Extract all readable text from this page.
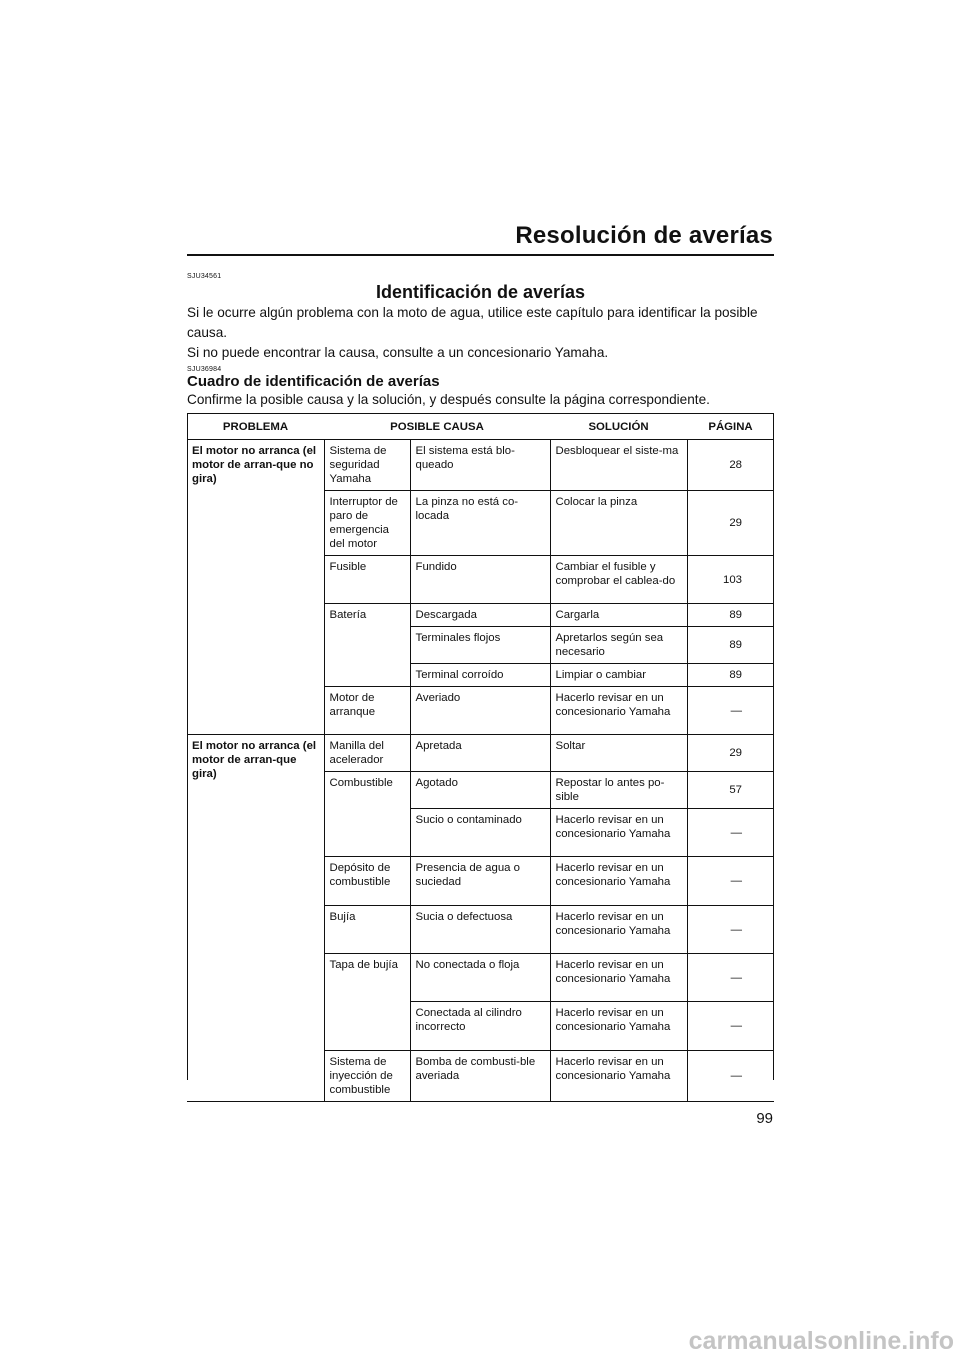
Resolución de averías
SJU34561
Identificación de averías
Si le ocurre algún problema con la moto de agua, utilice este capítulo para identificar la posible causa.
Si no puede encontrar la causa, consulte a un concesionario Yamaha.
SJU36984
Cuadro de identificación de averías
Confirme la posible causa y la solución, y después consulte la página correspondiente.
PROBLEMA	POSIBLE CAUSA		SOLUCIÓN	PÁGINA
El motor no arranca (el motor de arran-que no gira)	Sistema de seguridad Yamaha	El sistema está blo-queado	Desbloquear el siste-ma	28
	Interruptor de paro de emergencia del motor	La pinza no está co-locada	Colocar la pinza	29
	Fusible	Fundido	Cambiar el fusible y comprobar el cablea-do	103
	Batería	Descargada	Cargarla	89
		Terminales flojos	Apretarlos según sea necesario	89
		Terminal corroído	Limpiar o cambiar	89
	Motor de arranque	Averiado	Hacerlo revisar en un concesionario Yamaha	—
El motor no arranca (el motor de arran-que gira)	Manilla del acelerador	Apretada	Soltar	29
	Combustible	Agotado	Repostar lo antes po-sible	57
		Sucio o contaminado	Hacerlo revisar en un concesionario Yamaha	—
	Depósito de combustible	Presencia de agua o suciedad	Hacerlo revisar en un concesionario Yamaha	—
	Bujía	Sucia o defectuosa	Hacerlo revisar en un concesionario Yamaha	—
	Tapa de bujía	No conectada o floja	Hacerlo revisar en un concesionario Yamaha	—
		Conectada al cilindro incorrecto	Hacerlo revisar en un concesionario Yamaha	—
	Sistema de inyección de combustible	Bomba de combusti-ble averiada	Hacerlo revisar en un concesionario Yamaha	—
99
carmanualsonline.info
